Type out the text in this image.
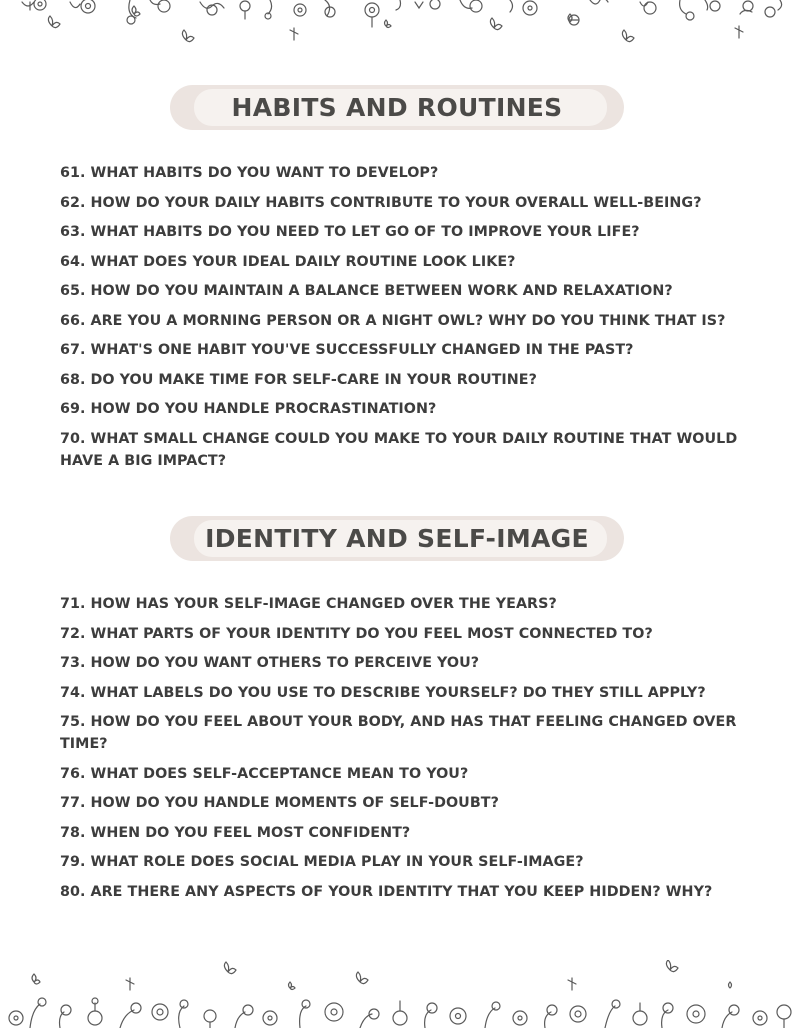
HABITS AND ROUTINES
61. WHAT HABITS DO YOU WANT TO DEVELOP?
62. HOW DO YOUR DAILY HABITS CONTRIBUTE TO YOUR OVERALL WELL-BEING?
63. WHAT HABITS DO YOU NEED TO LET GO OF TO IMPROVE YOUR LIFE?
64. WHAT DOES YOUR IDEAL DAILY ROUTINE LOOK LIKE?
65. HOW DO YOU MAINTAIN A BALANCE BETWEEN WORK AND RELAXATION?
66. ARE YOU A MORNING PERSON OR A NIGHT OWL? WHY DO YOU THINK THAT IS?
67. WHAT'S ONE HABIT YOU'VE SUCCESSFULLY CHANGED IN THE PAST?
68. DO YOU MAKE TIME FOR SELF-CARE IN YOUR ROUTINE?
69. HOW DO YOU HANDLE PROCRASTINATION?
70. WHAT SMALL CHANGE COULD YOU MAKE TO YOUR DAILY ROUTINE THAT WOULD HAVE A BIG IMPACT?
IDENTITY AND SELF-IMAGE
71. HOW HAS YOUR SELF-IMAGE CHANGED OVER THE YEARS?
72. WHAT PARTS OF YOUR IDENTITY DO YOU FEEL MOST CONNECTED TO?
73. HOW DO YOU WANT OTHERS TO PERCEIVE YOU?
74. WHAT LABELS DO YOU USE TO DESCRIBE YOURSELF? DO THEY STILL APPLY?
75. HOW DO YOU FEEL ABOUT YOUR BODY, AND HAS THAT FEELING CHANGED OVER TIME?
76. WHAT DOES SELF-ACCEPTANCE MEAN TO YOU?
77. HOW DO YOU HANDLE MOMENTS OF SELF-DOUBT?
78. WHEN DO YOU FEEL MOST CONFIDENT?
79. WHAT ROLE DOES SOCIAL MEDIA PLAY IN YOUR SELF-IMAGE?
80. ARE THERE ANY ASPECTS OF YOUR IDENTITY THAT YOU KEEP HIDDEN? WHY?
